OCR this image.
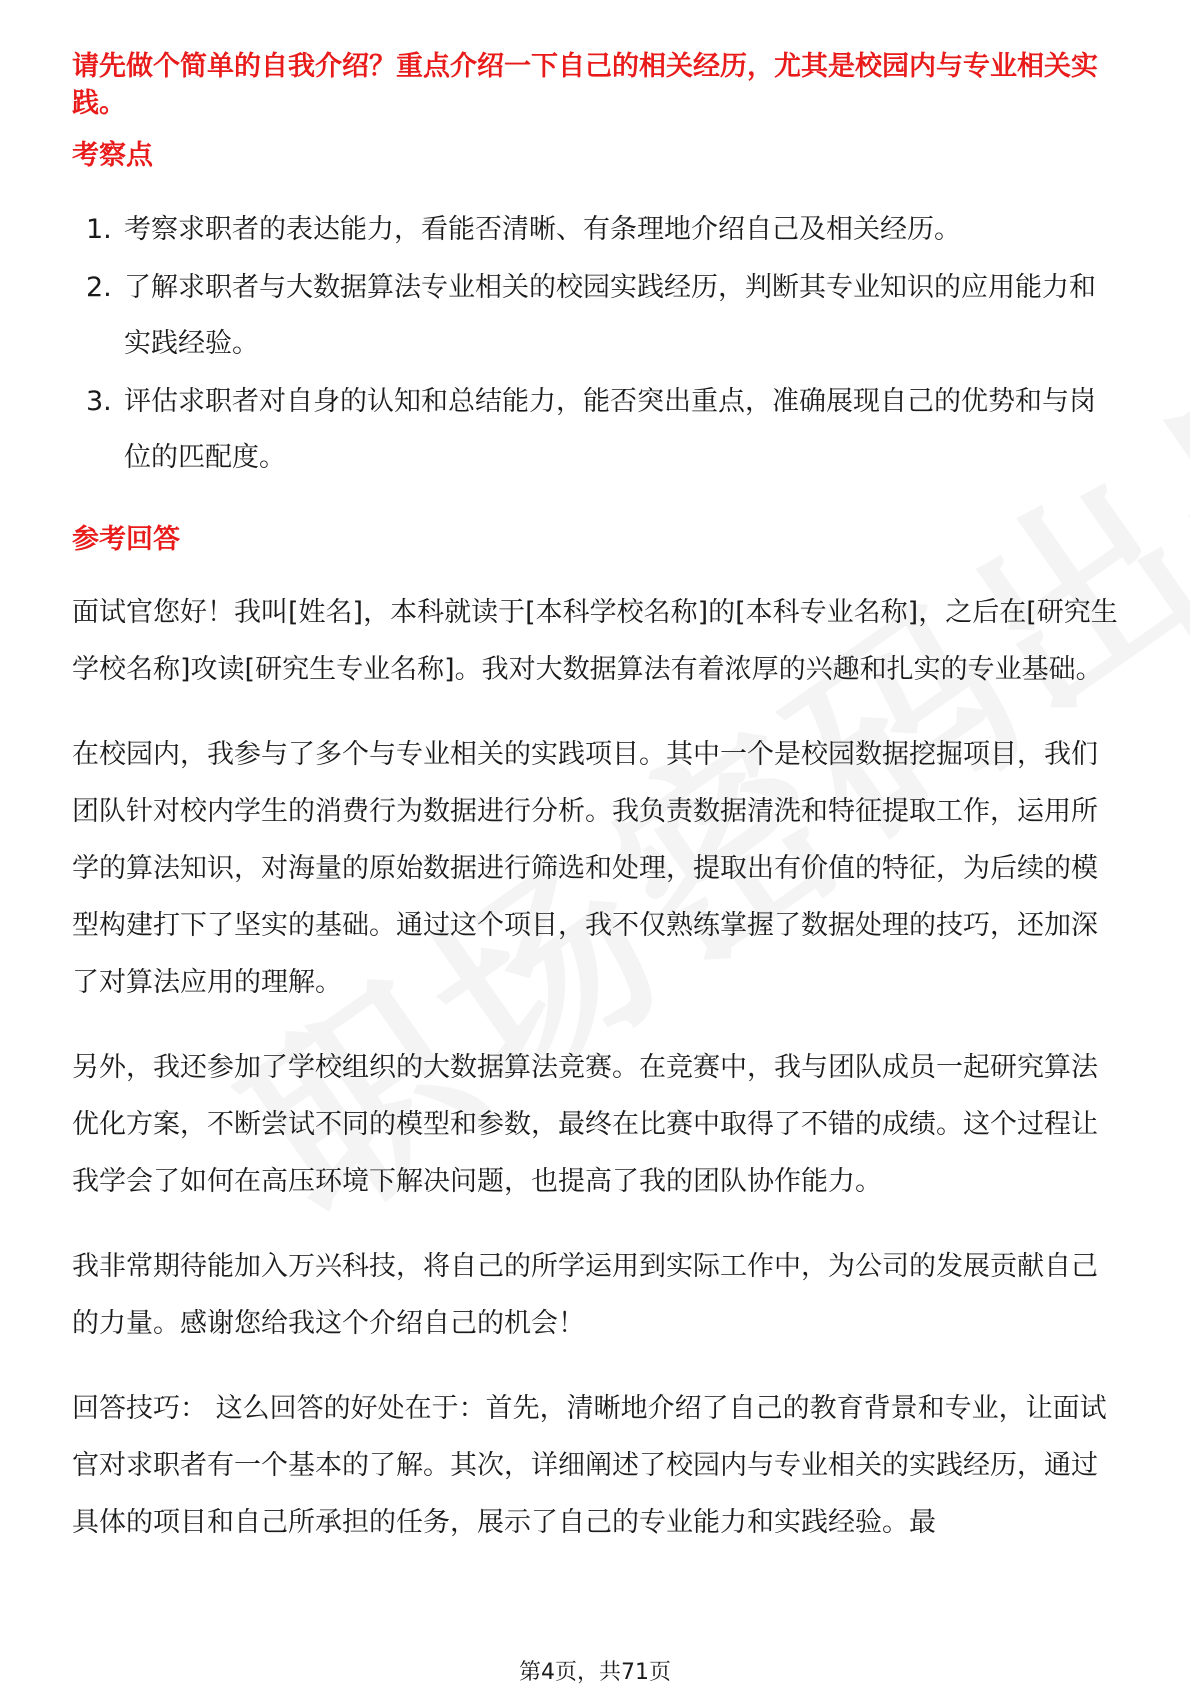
请先做个简单的自我介绍？重点介绍一下自己的相关经历，尤其是校园内与专业相关实践。

考察点

1. 考察求职者的表达能力，看能否清晰、有条理地介绍自己及相关经历。
2. 了解求职者与大数据算法专业相关的校园实践经历，判断其专业知识的应用能力和实践经验。
3. 评估求职者对自身的认知和总结能力，能否突出重点，准确展现自己的优势和与岗位的匹配度。

参考回答

面试官您好！我叫[姓名]，本科就读于[本科学校名称]的[本科专业名称]，之后在[研究生学校名称]攻读[研究生专业名称]。我对大数据算法有着浓厚的兴趣和扎实的专业基础。

在校园内，我参与了多个与专业相关的实践项目。其中一个是校园数据挖掘项目，我们团队针对校内学生的消费行为数据进行分析。我负责数据清洗和特征提取工作，运用所学的算法知识，对海量的原始数据进行筛选和处理，提取出有价值的特征，为后续的模型构建打下了坚实的基础。通过这个项目，我不仅熟练掌握了数据处理的技巧，还加深了对算法应用的理解。

另外，我还参加了学校组织的大数据算法竞赛。在竞赛中，我与团队成员一起研究算法优化方案，不断尝试不同的模型和参数，最终在比赛中取得了不错的成绩。这个过程让我学会了如何在高压环境下解决问题，也提高了我的团队协作能力。

我非常期待能加入万兴科技，将自己的所学运用到实际工作中，为公司的发展贡献自己的力量。感谢您给我这个介绍自己的机会！

回答技巧： 这么回答的好处在于：首先，清晰地介绍了自己的教育背景和专业，让面试官对求职者有一个基本的了解。其次，详细阐述了校园内与专业相关的实践经历，通过具体的项目和自己所承担的任务，展示了自己的专业能力和实践经验。最

第4页，共71页
